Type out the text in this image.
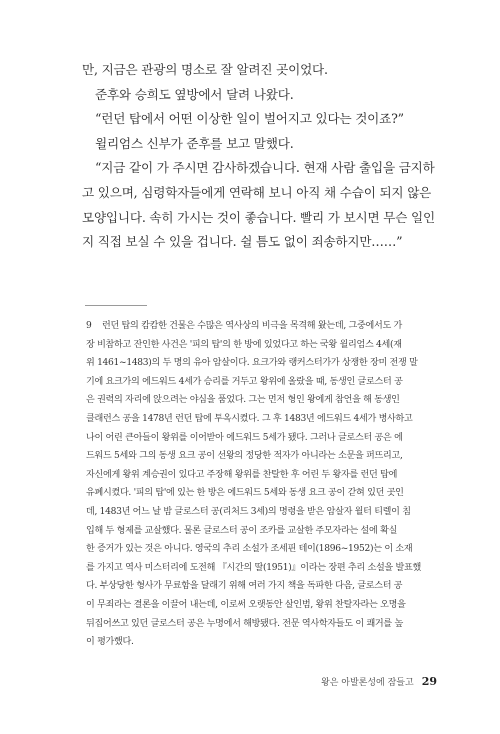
만, 지금은 관광의 명소로 잘 알려진 곳이었다.

준후와 승희도 옆방에서 달려 나왔다.

“런던 탑에서 어떤 이상한 일이 벌어지고 있다는 것이죠?”

윌리엄스 신부가 준후를 보고 말했다.

“지금 같이 가 주시면 감사하겠습니다. 현재 사람 출입을 금지하

고 있으며, 심령학자들에게 연락해 보니 아직 채 수습이 되지 않은

모양입니다. 속히 가시는 것이 좋습니다. 빨리 가 보시면 무슨 일인

지 직접 보실 수 있을 겁니다. 쉴 틈도 없이 죄송하지만……”

9 런던 탑의 캄캄한 건물은 수많은 역사상의 비극을 목격해 왔는데, 그중에서도 가
장 비참하고 잔인한 사건은 '피의 탑'의 한 방에 있었다고 하는 국왕 윌리엄스 4세(재
위 1461~1483)의 두 명의 유아 암살이다. 요크가와 랭커스터가가 상쟁한 장미 전쟁 말
기에 요크가의 에드워드 4세가 승리를 거두고 왕위에 올랐을 때, 동생인 글로스터 공
은 권력의 자리에 앉으려는 야심을 품었다. 그는 먼저 형인 왕에게 참언을 해 동생인
클래런스 공을 1478년 런던 탑에 투옥시켰다. 그 후 1483년 에드워드 4세가 병사하고
나이 어린 큰아들이 왕위를 이어받아 에드워드 5세가 됐다. 그러나 글로스터 공은 에
드워드 5세와 그의 동생 요크 공이 선왕의 정당한 적자가 아니라는 소문을 퍼뜨리고,
자신에게 왕위 계승권이 있다고 주장해 왕위를 찬탈한 후 어린 두 왕자를 런던 탑에
유폐시켰다. '피의 탑'에 있는 한 방은 에드워드 5세와 동생 요크 공이 갇혀 있던 곳인
데, 1483년 어느 날 밤 글로스터 공(리처드 3세)의 명령을 받은 암살자 월터 티렐이 침
입해 두 형제를 교살했다. 물론 글로스터 공이 조카를 교살한 주모자라는 설에 확실
한 증거가 있는 것은 아니다. 영국의 추리 소설가 조세핀 테이(1896~1952)는 이 소재
를 가지고 역사 미스터리에 도전해 『시간의 딸(1951)』이라는 장편 추리 소설을 발표했
다. 부상당한 형사가 무료함을 달래기 위해 여러 가지 책을 독파한 다음, 글로스터 공
이 무죄라는 결론을 이끌어 내는데, 이로써 오랫동안 살인범, 왕위 찬탈자라는 오명을
뒤집어쓰고 있던 글로스터 공은 누명에서 해방됐다. 전문 역사학자들도 이 쾌거를 높
이 평가했다.
왕은 아발론성에 잠들고 29
